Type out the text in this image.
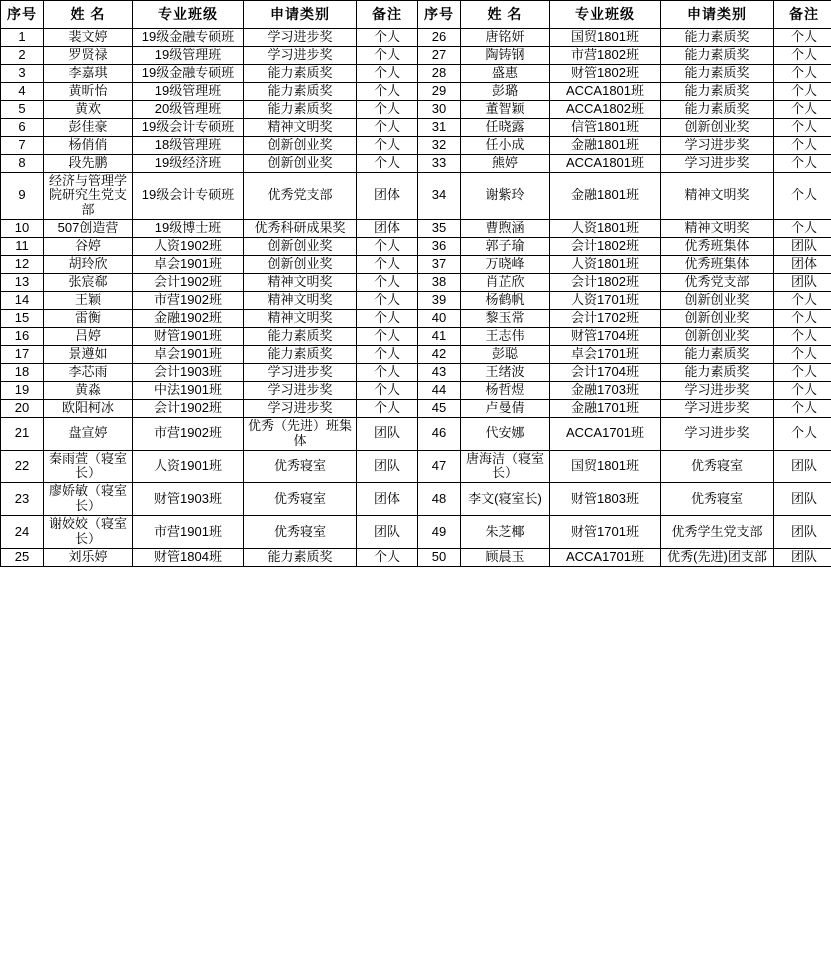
序号	姓 名	专业班级	申请类别	备注	序号	姓 名	专业班级	申请类别	备注
1	裴文婷	19级金融专硕班	学习进步奖	个人	26	唐铭妍	国贸1801班	能力素质奖	个人
2	罗贤禄	19级管理班	学习进步奖	个人	27	陶铸钢	市营1802班	能力素质奖	个人
3	李嘉琪	19级金融专硕班	能力素质奖	个人	28	盛惠	财管1802班	能力素质奖	个人
4	黄昕怡	19级管理班	能力素质奖	个人	29	彭璐	ACCA1801班	能力素质奖	个人
5	黄欢	20级管理班	能力素质奖	个人	30	董智颖	ACCA1802班	能力素质奖	个人
6	彭佳豪	19级会计专硕班	精神文明奖	个人	31	任晓露	信管1801班	创新创业奖	个人
7	杨俏俏	18级管理班	创新创业奖	个人	32	任小成	金融1801班	学习进步奖	个人
8	段先鹏	19级经济班	创新创业奖	个人	33	熊婷	ACCA1801班	学习进步奖	个人
9	经济与管理学院研究生党支部	19级会计专硕班	优秀党支部	团体	34	谢紫玲	金融1801班	精神文明奖	个人
10	507创造营	19级博士班	优秀科研成果奖	团体	35	曹煦涵	人资1801班	精神文明奖	个人
11	谷婷	人资1902班	创新创业奖	个人	36	郭子瑜	会计1802班	优秀班集体	团队
12	胡玲欣	卓会1901班	创新创业奖	个人	37	万晓峰	人资1801班	优秀班集体	团体
13	张宸郗	会计1902班	精神文明奖	个人	38	肖芷欣	会计1802班	优秀党支部	团队
14	王颖	市营1902班	精神文明奖	个人	39	杨鹤帆	人资1701班	创新创业奖	个人
15	雷衡	金融1902班	精神文明奖	个人	40	黎玉常	会计1702班	创新创业奖	个人
16	吕婷	财管1901班	能力素质奖	个人	41	王志伟	财管1704班	创新创业奖	个人
17	景遵如	卓会1901班	能力素质奖	个人	42	彭聪	卓会1701班	能力素质奖	个人
18	李芯雨	会计1903班	学习进步奖	个人	43	王绪波	会计1704班	能力素质奖	个人
19	黄淼	中法1901班	学习进步奖	个人	44	杨哲煜	金融1703班	学习进步奖	个人
20	欧阳柯冰	会计1902班	学习进步奖	个人	45	卢曼倩	金融1701班	学习进步奖	个人
21	盘宣婷	市营1902班	优秀（先进）班集体	团队	46	代安娜	ACCA1701班	学习进步奖	个人
22	秦雨萱（寝室长）	人资1901班	优秀寝室	团队	47	唐海洁（寝室长）	国贸1801班	优秀寝室	团队
23	廖娇敏（寝室长）	财管1903班	优秀寝室	团体	48	李文(寝室长)	财管1803班	优秀寝室	团队
24	谢姣姣（寝室长）	市营1901班	优秀寝室	团队	49	朱芝椰	财管1701班	优秀学生党支部	团队
25	刘乐婷	财管1804班	能力素质奖	个人	50	顾晨玉	ACCA1701班	优秀(先进)团支部	团队
